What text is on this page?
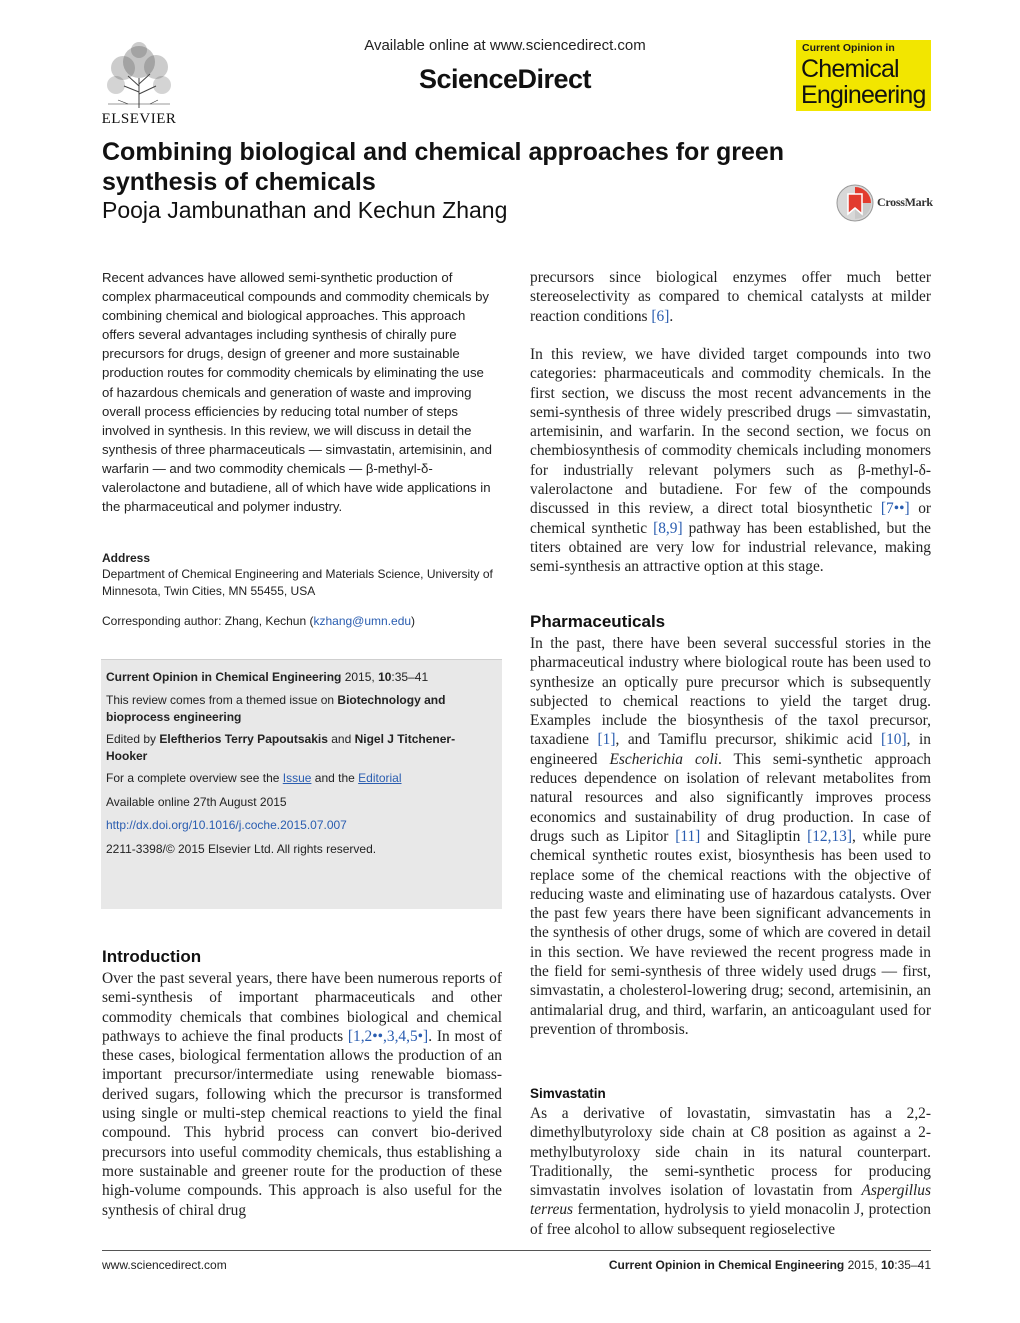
ELSEVIER
Available online at www.sciencedirect.com
ScienceDirect
Current Opinion in
Chemical
Engineering
Combining biological and chemical approaches for green synthesis of chemicals
Pooja Jambunathan and Kechun Zhang	CrossMark
Recent advances have allowed semi-synthetic production of complex pharmaceutical compounds and commodity chemicals by combining chemical and biological approaches. This approach offers several advantages including synthesis of chirally pure precursors for drugs, design of greener and more sustainable production routes for commodity chemicals by eliminating the use of hazardous chemicals and generation of waste and improving overall process efficiencies by reducing total number of steps involved in synthesis. In this review, we will discuss in detail the synthesis of three pharmaceuticals — simvastatin, artemisinin, and warfarin — and two commodity chemicals — β-methyl-δ-valerolactone and butadiene, all of which have wide applications in the pharmaceutical and polymer industry.
Address
Department of Chemical Engineering and Materials Science, University of Minnesota, Twin Cities, MN 55455, USA
Corresponding author: Zhang, Kechun (kzhang@umn.edu)
Current Opinion in Chemical Engineering 2015, 10:35–41
This review comes from a themed issue on Biotechnology and bioprocess engineering
Edited by Eleftherios Terry Papoutsakis and Nigel J Titchener-Hooker
For a complete overview see the Issue and the Editorial
Available online 27th August 2015
http://dx.doi.org/10.1016/j.coche.2015.07.007
2211-3398/© 2015 Elsevier Ltd. All rights reserved.
Introduction

Over the past several years, there have been numerous reports of semi-synthesis of important pharmaceuticals and other commodity chemicals that combines biological and chemical pathways to achieve the final products [1,2••,3,4,5•]. In most of these cases, biological fermentation allows the production of an important precursor/intermediate using renewable biomass-derived sugars, following which the precursor is transformed using single or multi-step chemical reactions to yield the final compound. This hybrid process can convert bio-derived precursors into useful commodity chemicals, thus establishing a more sustainable and greener route for the production of these high-volume compounds. This approach is also useful for the synthesis of chiral drug

precursors since biological enzymes offer much better stereoselectivity as compared to chemical catalysts at milder reaction conditions [6].

In this review, we have divided target compounds into two categories: pharmaceuticals and commodity chemicals. In the first section, we discuss the most recent advancements in the semi-synthesis of three widely prescribed drugs — simvastatin, artemisinin, and warfarin. In the second section, we focus on chembiosynthesis of commodity chemicals including monomers for industrially relevant polymers such as β-methyl-δ-valerolactone and butadiene. For few of the compounds discussed in this review, a direct total biosynthetic [7••] or chemical synthetic [8,9] pathway has been established, but the titers obtained are very low for industrial relevance, making semi-synthesis an attractive option at this stage.

Pharmaceuticals

In the past, there have been several successful stories in the pharmaceutical industry where biological route has been used to synthesize an optically pure precursor which is subsequently subjected to chemical reactions to yield the target drug. Examples include the biosynthesis of the taxol precursor, taxadiene [1], and Tamiflu precursor, shikimic acid [10], in engineered Escherichia coli. This semi-synthetic approach reduces dependence on isolation of relevant metabolites from natural resources and also significantly improves process economics and sustainability of drug production. In case of drugs such as Lipitor [11] and Sitagliptin [12,13], while pure chemical synthetic routes exist, biosynthesis has been used to replace some of the chemical reactions with the objective of reducing waste and eliminating use of hazardous catalysts. Over the past few years there have been significant advancements in the synthesis of other drugs, some of which are covered in detail in this section. We have reviewed the recent progress made in the field for semi-synthesis of three widely used drugs — first, simvastatin, a cholesterol-lowering drug; second, artemisinin, an antimalarial drug, and third, warfarin, an anticoagulant used for prevention of thrombosis.

Simvastatin

As a derivative of lovastatin, simvastatin has a 2,2-dimethylbutyroloxy side chain at C8 position as against a 2-methylbutyroloxy side chain in its natural counterpart. Traditionally, the semi-synthetic process for producing simvastatin involves isolation of lovastatin from Aspergillus terreus fermentation, hydrolysis to yield monacolin J, protection of free alcohol to allow subsequent regioselective

www.sciencedirect.com	Current Opinion in Chemical Engineering 2015, 10:35–41
